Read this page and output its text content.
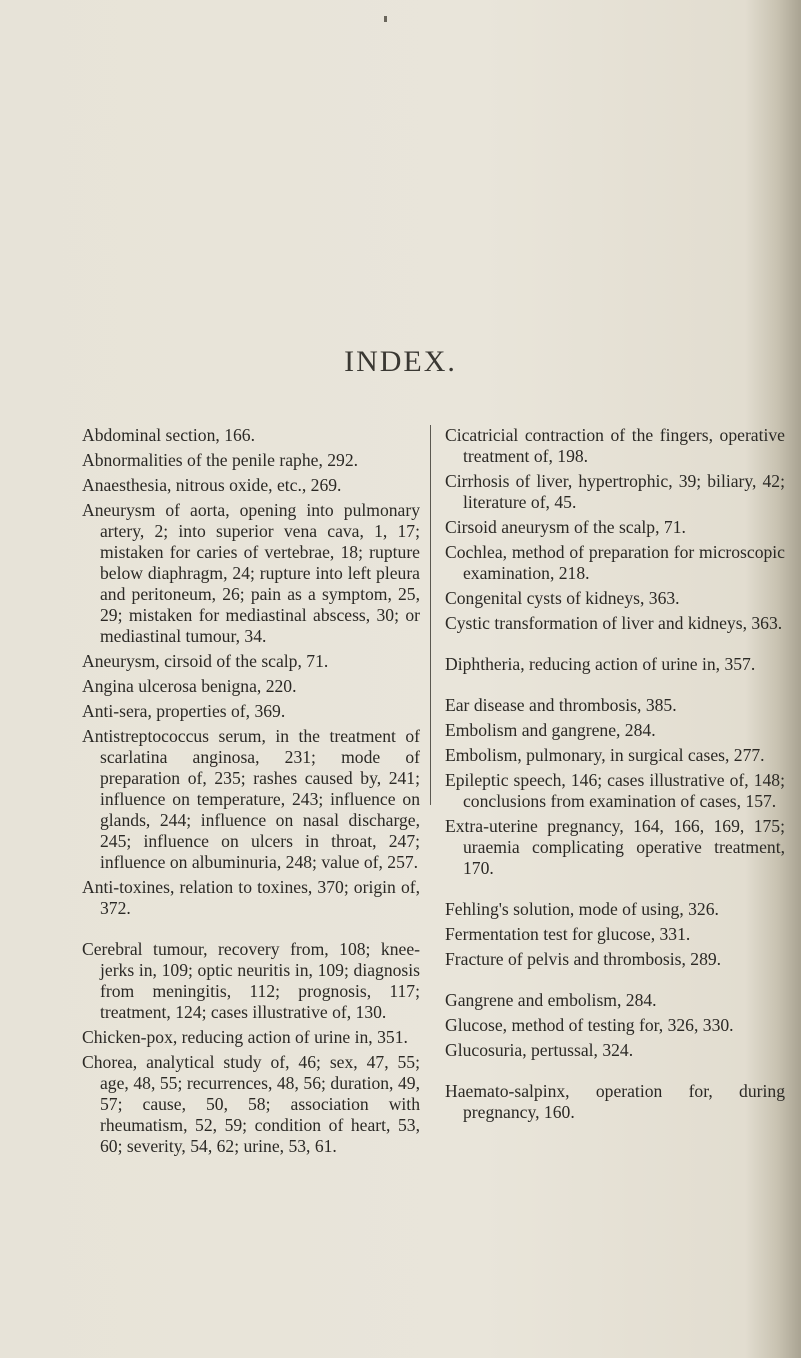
INDEX.
Abdominal section, 166.
Abnormalities of the penile raphe, 292.
Anaesthesia, nitrous oxide, etc., 269.
Aneurysm of aorta, opening into pulmonary artery, 2; into superior vena cava, 1, 17; mistaken for caries of vertebrae, 18; rupture below diaphragm, 24; rupture into left pleura and peritoneum, 26; pain as a symptom, 25, 29; mistaken for mediastinal abscess, 30; or mediastinal tumour, 34.
Aneurysm, cirsoid of the scalp, 71.
Angina ulcerosa benigna, 220.
Anti-sera, properties of, 369.
Antistreptococcus serum, in the treatment of scarlatina anginosa, 231; mode of preparation of, 235; rashes caused by, 241; influence on temperature, 243; influence on glands, 244; influence on nasal discharge, 245; influence on ulcers in throat, 247; influence on albuminuria, 248; value of, 257.
Anti-toxines, relation to toxines, 370; origin of, 372.
Cerebral tumour, recovery from, 108; knee-jerks in, 109; optic neuritis in, 109; diagnosis from meningitis, 112; prognosis, 117; treatment, 124; cases illustrative of, 130.
Chicken-pox, reducing action of urine in, 351.
Chorea, analytical study of, 46; sex, 47, 55; age, 48, 55; recurrences, 48, 56; duration, 49, 57; cause, 50, 58; association with rheumatism, 52, 59; condition of heart, 53, 60; severity, 54, 62; urine, 53, 61.
Cicatricial contraction of the fingers, operative treatment of, 198.
Cirrhosis of liver, hypertrophic, 39; biliary, 42; literature of, 45.
Cirsoid aneurysm of the scalp, 71.
Cochlea, method of preparation for microscopic examination, 218.
Congenital cysts of kidneys, 363.
Cystic transformation of liver and kidneys, 363.
Diphtheria, reducing action of urine in, 357.
Ear disease and thrombosis, 385.
Embolism and gangrene, 284.
Embolism, pulmonary, in surgical cases, 277.
Epileptic speech, 146; cases illustrative of, 148; conclusions from examination of cases, 157.
Extra-uterine pregnancy, 164, 166, 169, 175; uraemia complicating operative treatment, 170.
Fehling's solution, mode of using, 326.
Fermentation test for glucose, 331.
Fracture of pelvis and thrombosis, 289.
Gangrene and embolism, 284.
Glucose, method of testing for, 326, 330.
Glucosuria, pertussal, 324.
Haemato-salpinx, operation for, during pregnancy, 160.
